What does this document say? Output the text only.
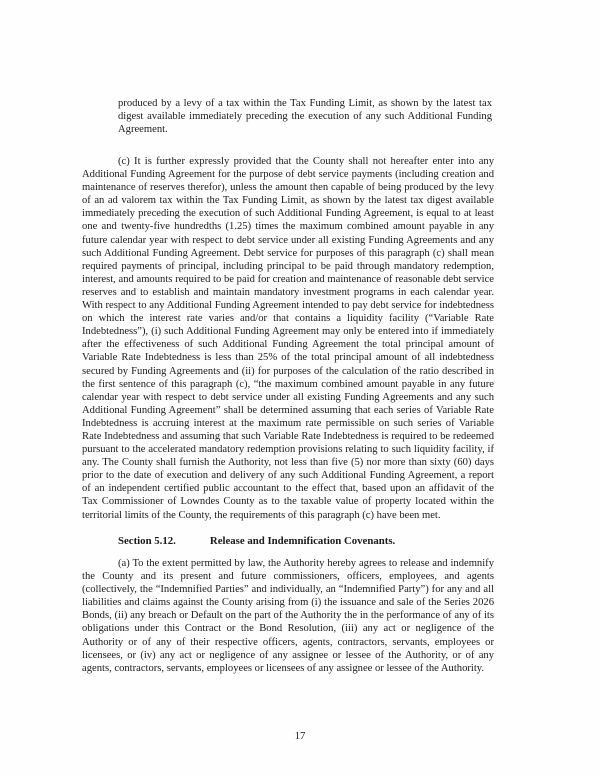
produced by a levy of a tax within the Tax Funding Limit, as shown by the latest tax digest available immediately preceding the execution of any such Additional Funding Agreement.

(c) It is further expressly provided that the County shall not hereafter enter into any Additional Funding Agreement for the purpose of debt service payments (including creation and maintenance of reserves therefor), unless the amount then capable of being produced by the levy of an ad valorem tax within the Tax Funding Limit, as shown by the latest tax digest available immediately preceding the execution of such Additional Funding Agreement, is equal to at least one and twenty-five hundredths (1.25) times the maximum combined amount payable in any future calendar year with respect to debt service under all existing Funding Agreements and any such Additional Funding Agreement. Debt service for purposes of this paragraph (c) shall mean required payments of principal, including principal to be paid through mandatory redemption, interest, and amounts required to be paid for creation and maintenance of reasonable debt service reserves and to establish and maintain mandatory investment programs in each calendar year. With respect to any Additional Funding Agreement intended to pay debt service for indebtedness on which the interest rate varies and/or that contains a liquidity facility (“Variable Rate Indebtedness”), (i) such Additional Funding Agreement may only be entered into if immediately after the effectiveness of such Additional Funding Agreement the total principal amount of Variable Rate Indebtedness is less than 25% of the total principal amount of all indebtedness secured by Funding Agreements and (ii) for purposes of the calculation of the ratio described in the first sentence of this paragraph (c), “the maximum combined amount payable in any future calendar year with respect to debt service under all existing Funding Agreements and any such Additional Funding Agreement” shall be determined assuming that each series of Variable Rate Indebtedness is accruing interest at the maximum rate permissible on such series of Variable Rate Indebtedness and assuming that such Variable Rate Indebtedness is required to be redeemed pursuant to the accelerated mandatory redemption provisions relating to such liquidity facility, if any. The County shall furnish the Authority, not less than five (5) nor more than sixty (60) days prior to the date of execution and delivery of any such Additional Funding Agreement, a report of an independent certified public accountant to the effect that, based upon an affidavit of the Tax Commissioner of Lowndes County as to the taxable value of property located within the territorial limits of the County, the requirements of this paragraph (c) have been met.

Section 5.12.	Release and Indemnification Covenants.

(a) To the extent permitted by law, the Authority hereby agrees to release and indemnify the County and its present and future commissioners, officers, employees, and agents (collectively, the “Indemnified Parties” and individually, an “Indemnified Party”) for any and all liabilities and claims against the County arising from (i) the issuance and sale of the Series 2026 Bonds, (ii) any breach or Default on the part of the Authority the in the performance of any of its obligations under this Contract or the Bond Resolution, (iii) any act or negligence of the Authority or of any of their respective officers, agents, contractors, servants, employees or licensees, or (iv) any act or negligence of any assignee or lessee of the Authority, or of any agents, contractors, servants, employees or licensees of any assignee or lessee of the Authority.

17
